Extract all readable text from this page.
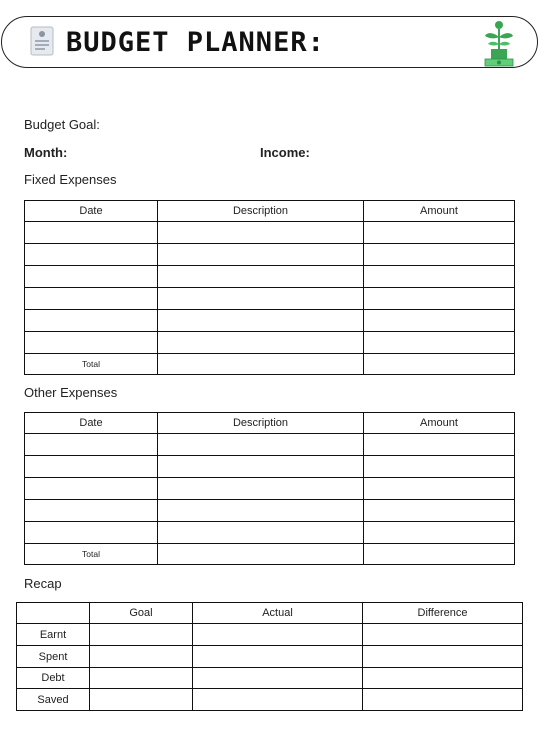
BUDGET PLANNER:
Budget Goal:
Month:	Income:
Fixed Expenses
Date	Description	Amount

Total		
Other Expenses
Date	Description	Amount

Total		
Recap
	Goal	Actual	Difference
Earnt			
Spent			
Debt			
Saved			
